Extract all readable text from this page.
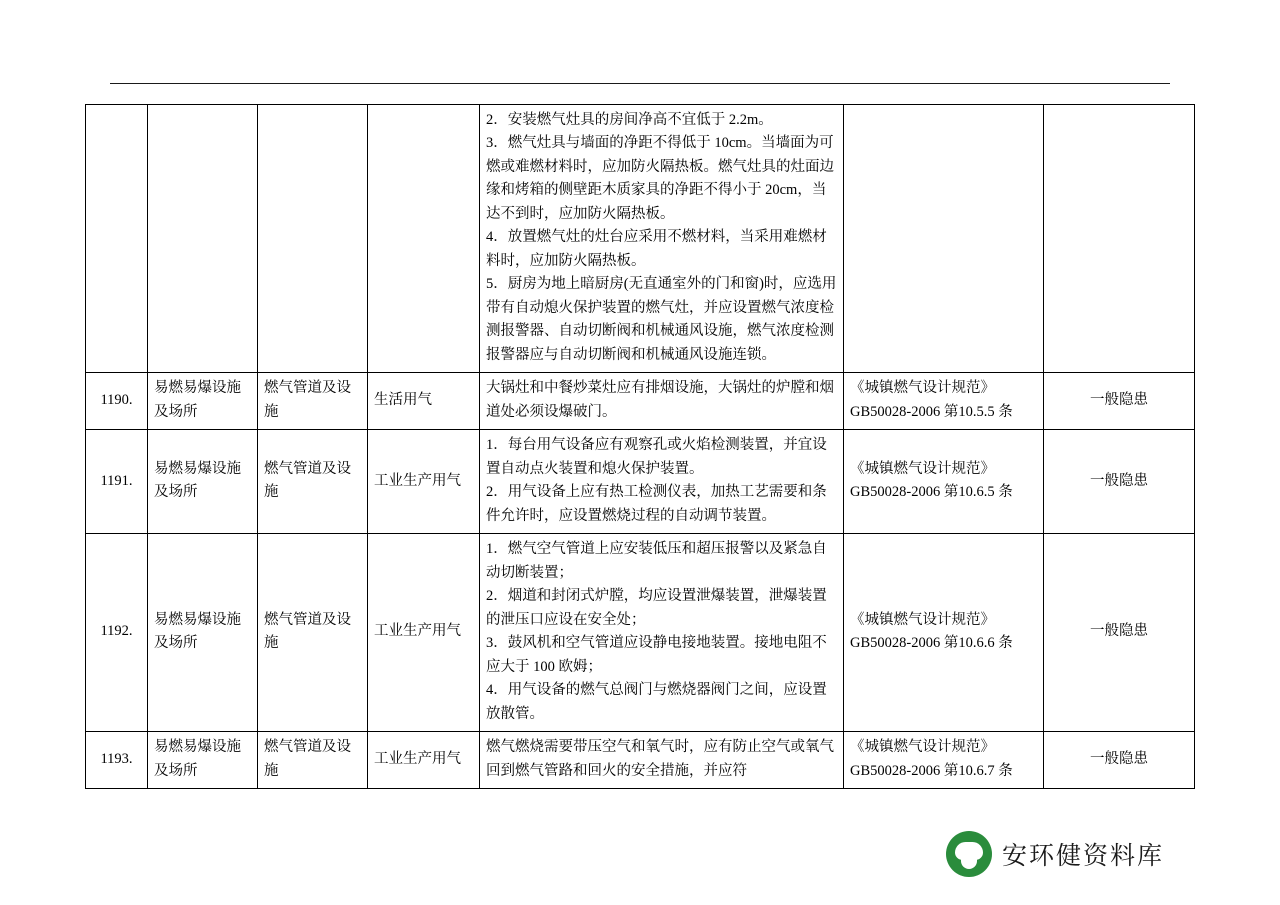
				2．安装燃气灶具的房间净高不宜低于 2.2m。
3．燃气灶具与墙面的净距不得低于 10cm。当墙面为可燃或难燃材料时，应加防火隔热板。燃气灶具的灶面边缘和烤箱的侧壁距木质家具的净距不得小于 20cm，当达不到时，应加防火隔热板。
4．放置燃气灶的灶台应采用不燃材料，当采用难燃材料时，应加防火隔热板。
5．厨房为地上暗厨房(无直通室外的门和窗)时，应选用带有自动熄火保护装置的燃气灶，并应设置燃气浓度检测报警器、自动切断阀和机械通风设施，燃气浓度检测报警器应与自动切断阀和机械通风设施连锁。		

1190.	易燃易爆设施及场所	燃气管道及设施	生活用气	大锅灶和中餐炒菜灶应有排烟设施，大锅灶的炉膛和烟道处必须设爆破门。	《城镇燃气设计规范》
GB50028-2006 第10.5.5 条	一般隐患
1191.	易燃易爆设施及场所	燃气管道及设施	工业生产用气	1．每台用气设备应有观察孔或火焰检测装置，并宜设置自动点火装置和熄火保护装置。
2．用气设备上应有热工检测仪表，加热工艺需要和条件允许时，应设置燃烧过程的自动调节装置。	《城镇燃气设计规范》
GB50028-2006 第10.6.5 条	一般隐患
1192.	易燃易爆设施及场所	燃气管道及设施	工业生产用气	1．燃气空气管道上应安装低压和超压报警以及紧急自动切断装置；
2．烟道和封闭式炉膛，均应设置泄爆装置，泄爆装置的泄压口应设在安全处；
3．鼓风机和空气管道应设静电接地装置。接地电阻不应大于 100 欧姆；
4．用气设备的燃气总阀门与燃烧器阀门之间，应设置放散管。	《城镇燃气设计规范》
GB50028-2006 第10.6.6 条	一般隐患
1193.	易燃易爆设施及场所	燃气管道及设施	工业生产用气	燃气燃烧需要带压空气和氧气时，应有防止空气或氧气回到燃气管路和回火的安全措施，并应符	《城镇燃气设计规范》
GB50028-2006 第10.6.7 条	一般隐患
安环健资料库
